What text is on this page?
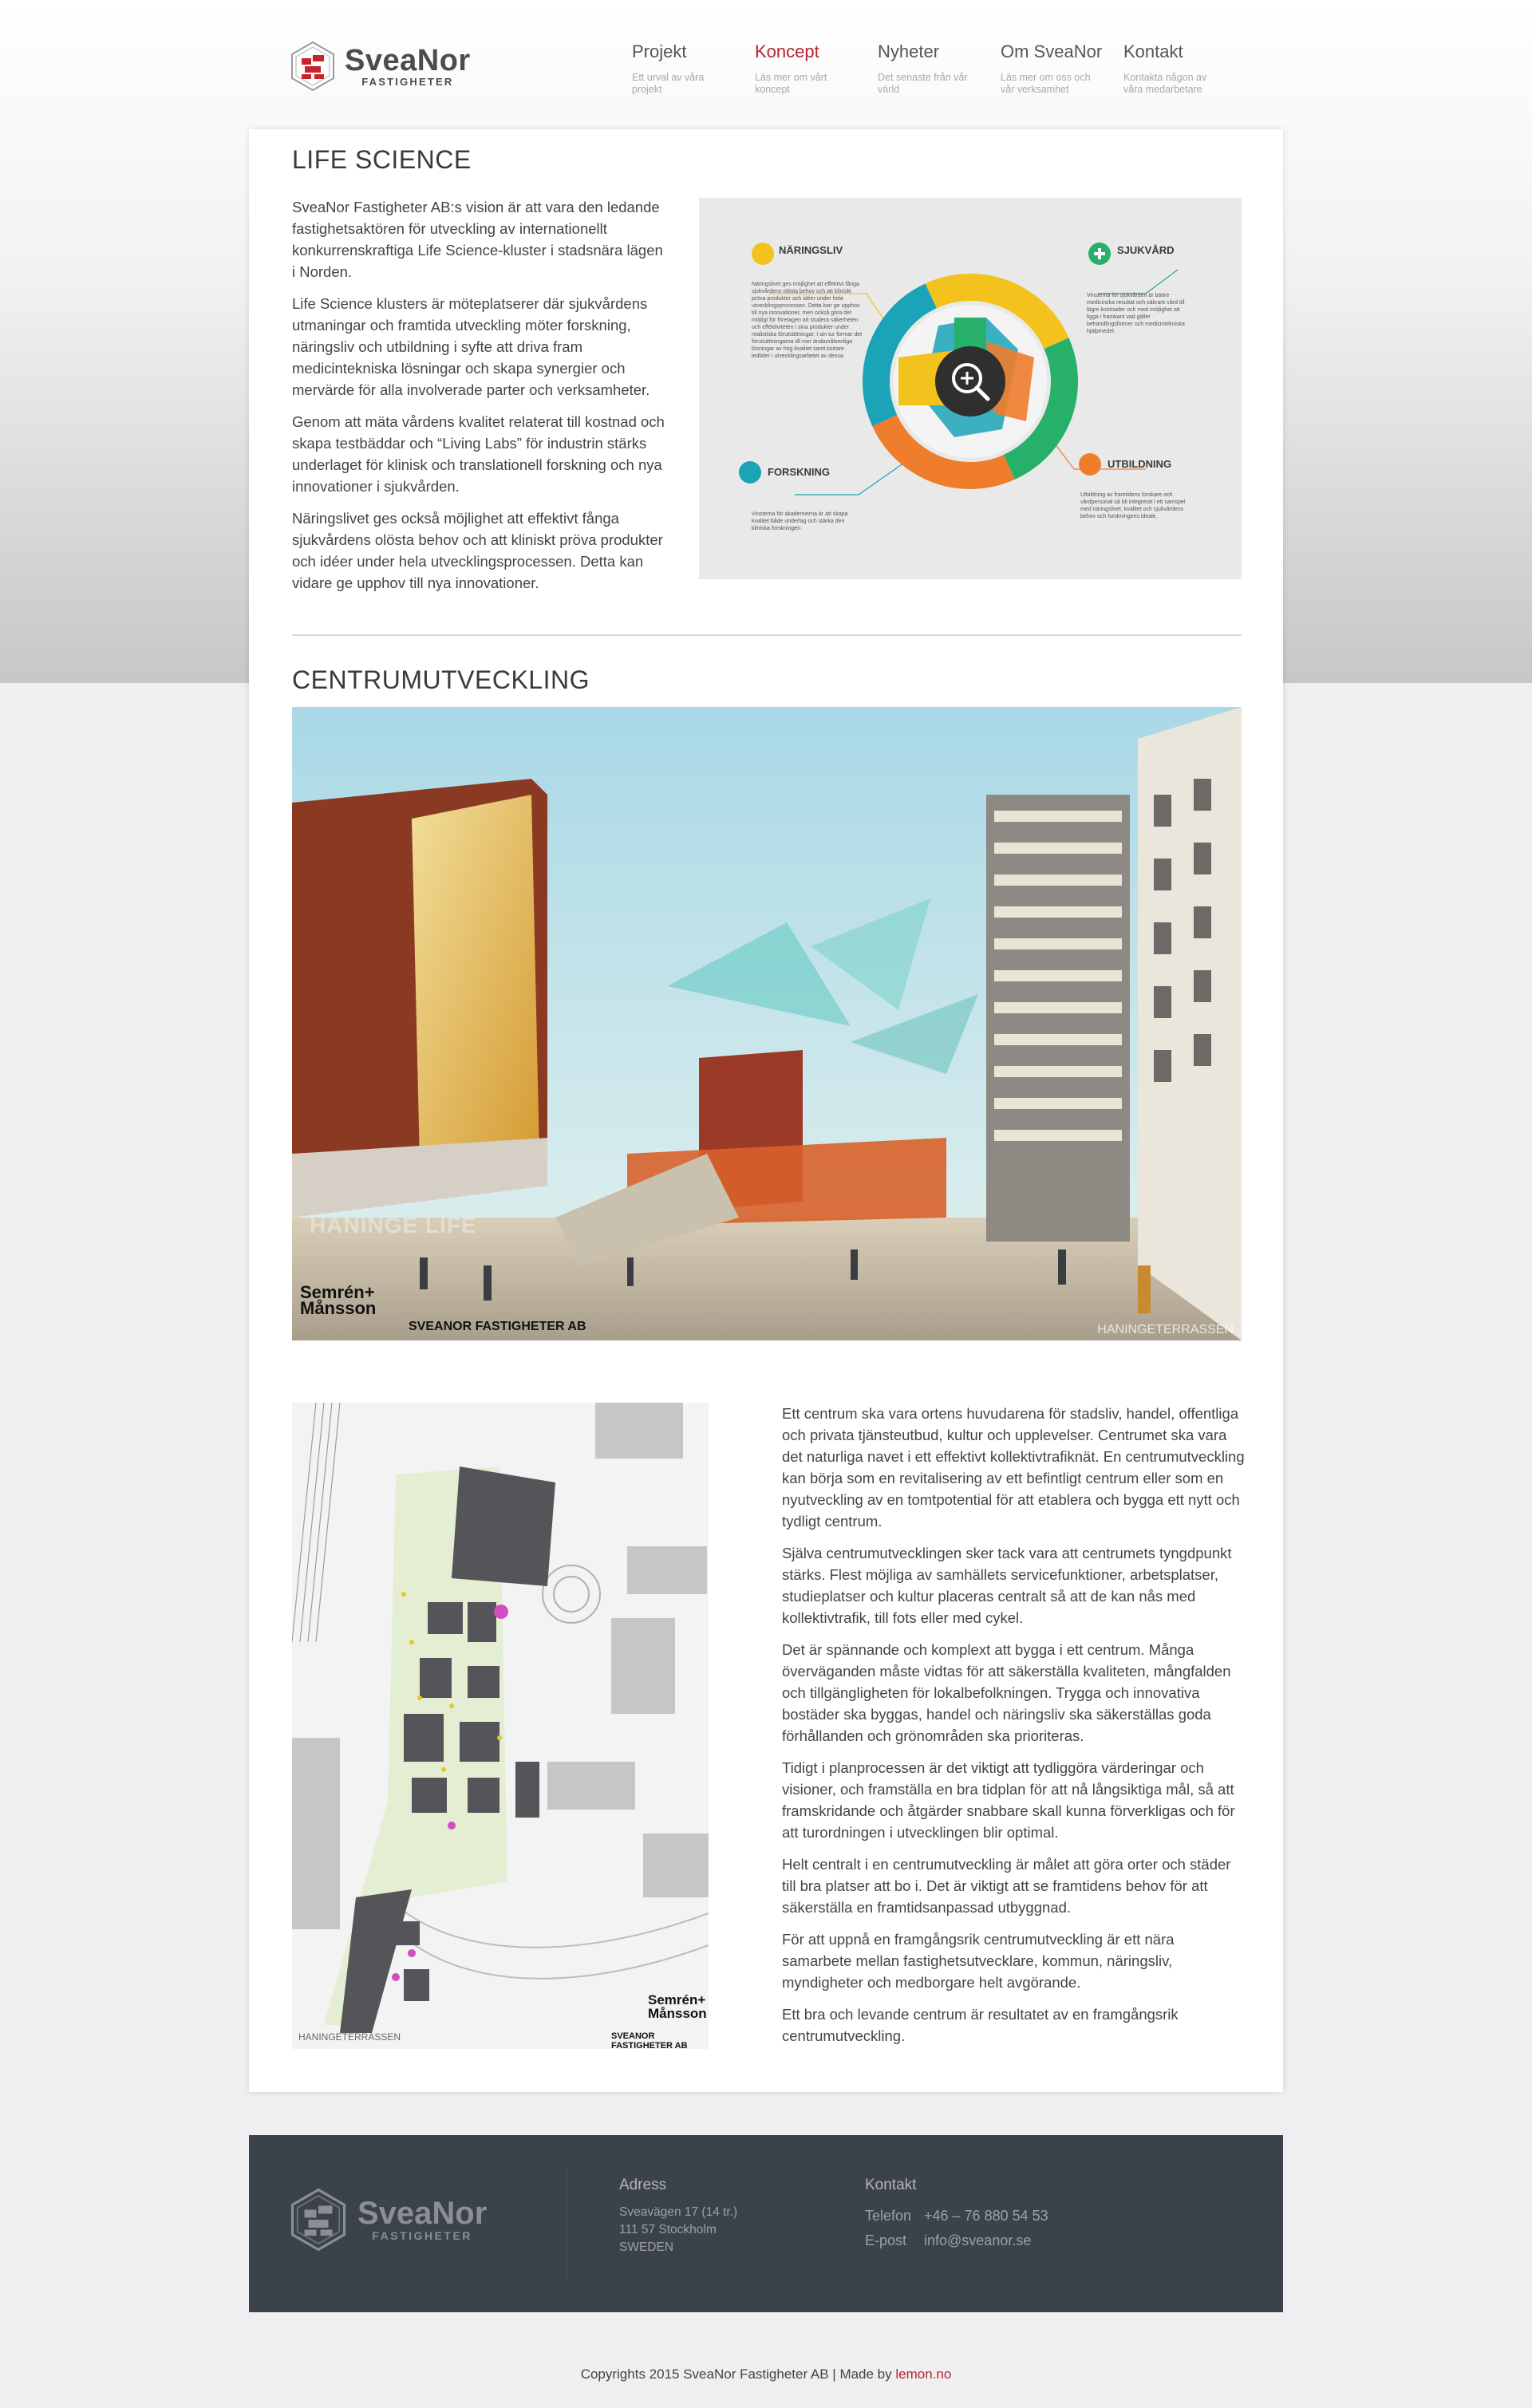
SveaNor
FASTIGHETER
Projekt
Ett urval av våra projekt
Koncept
Läs mer om vårt koncept
Nyheter
Det senaste från vår värld
Om SveaNor
Läs mer om oss och vår verksamhet
Kontakt
Kontakta någon av våra medarbetare
LIFE SCIENCE

SveaNor Fastigheter AB:s vision är att vara den ledande fastighetsaktören för utveckling av internationellt konkurrenskraftiga Life Science-kluster i stadsnära lägen i Norden.

Life Science klusters är möteplatserer där sjukvårdens utmaningar och framtida utveckling möter forskning, näringsliv och utbildning i syfte att driva fram medicintekniska lösningar och skapa synergier och mervärde för alla involverade parter och verksamheter.

Genom att mäta vårdens kvalitet relaterat till kostnad och skapa testbäddar och “Living Labs” för industrin stärks underlaget för klinisk och translationell forskning och nya innovationer i sjukvården.

Näringslivet ges också möjlighet att effektivt fånga sjukvårdens olösta behov och att kliniskt pröva produkter och idéer under hela utvecklingsprocessen. Detta kan vidare ge upphov till nya innovationer.

NÄRINGSLIV
Näringslivet ges möjlighet att effektivt fånga sjukvårdens olösta behov och att kliniskt pröva produkter och idéer under hela utvecklingsprocessen. Detta kan ge upphov till nya innovationer, men också göra det möjligt för företagen att studera säkerheten och effektiviteten i sina produkter under realistiska förutsättningar. I sin tur formar det förutsättningarna till mer ändamålsenliga lösningar av hög kvalitet samt kortare ledtider i utvecklingsarbetet av dessa.
SJUKVÅRD
Vinsterna för sjukvården är bättre medicinska resultat och säkrare vård till lägre kostnader och med möjlighet att ligga i framkant vad gäller behandlingsformer och medicintekniska hjälpmedel.
FORSKNING
Vinsterna för akademierna är att skapa kvalitet både underlag och stärka den kliniska forskningen.
UTBILDNING
Utbildning av framtidens forskare och vårdpersonal så bli integrerat i ett samspel med näringslivet, kvalitet och sjukvårdens behov och forskningens ideale.
CENTRUMUTVECKLING
HANINGE LIFE
Semrén+
Månsson
SVEANOR FASTIGHETER AB	HANINGETERRASSEN
HANINGETERRASSEN
Semrén+
Månsson
SVEANOR FASTIGHETER AB

Ett centrum ska vara ortens huvudarena för stadsliv, handel, offentliga och privata tjänsteutbud, kultur och upplevelser. Centrumet ska vara det naturliga navet i ett effektivt kollektivtrafiknät. En centrumutveckling kan börja som en revitalisering av ett befintligt centrum eller som en nyutveckling av en tomtpotential för att etablera och bygga ett nytt och tydligt centrum.

Själva centrumutvecklingen sker tack vara att centrumets tyngdpunkt stärks. Flest möjliga av samhällets servicefunktioner, arbetsplatser, studieplatser och kultur placeras centralt så att de kan nås med kollektivtrafik, till fots eller med cykel.

Det är spännande och komplext att bygga i ett centrum. Många överväganden måste vidtas för att säkerställa kvaliteten, mångfalden och tillgängligheten för lokalbefolkningen. Trygga och innovativa bostäder ska byggas, handel och näringsliv ska säkerställas goda förhållanden och grönområden ska prioriteras.

Tidigt i planprocessen är det viktigt att tydliggöra värderingar och visioner, och framställa en bra tidplan för att nå långsiktiga mål, så att framskridande och åtgärder snabbare skall kunna förverkligas och för att turordningen i utvecklingen blir optimal.

Helt centralt i en centrumutveckling är målet att göra orter och städer till bra platser att bo i. Det är viktigt att se framtidens behov för att säkerställa en framtidsanpassad utbyggnad.

För att uppnå en framgångsrik centrumutveckling är ett nära samarbete mellan fastighetsutvecklare, kommun, näringsliv, myndigheter och medborgare helt avgörande.

Ett bra och levande centrum är resultatet av en framgångsrik centrumutveckling.

SveaNor
FASTIGHETER
Adress
Sveavägen 17 (14 tr.)
111 57 Stockholm
SWEDEN
Kontakt
Telefon +46 – 76 880 54 53
E-post info@sveanor.se
Copyrights 2015 SveaNor Fastigheter AB | Made by lemon.no
